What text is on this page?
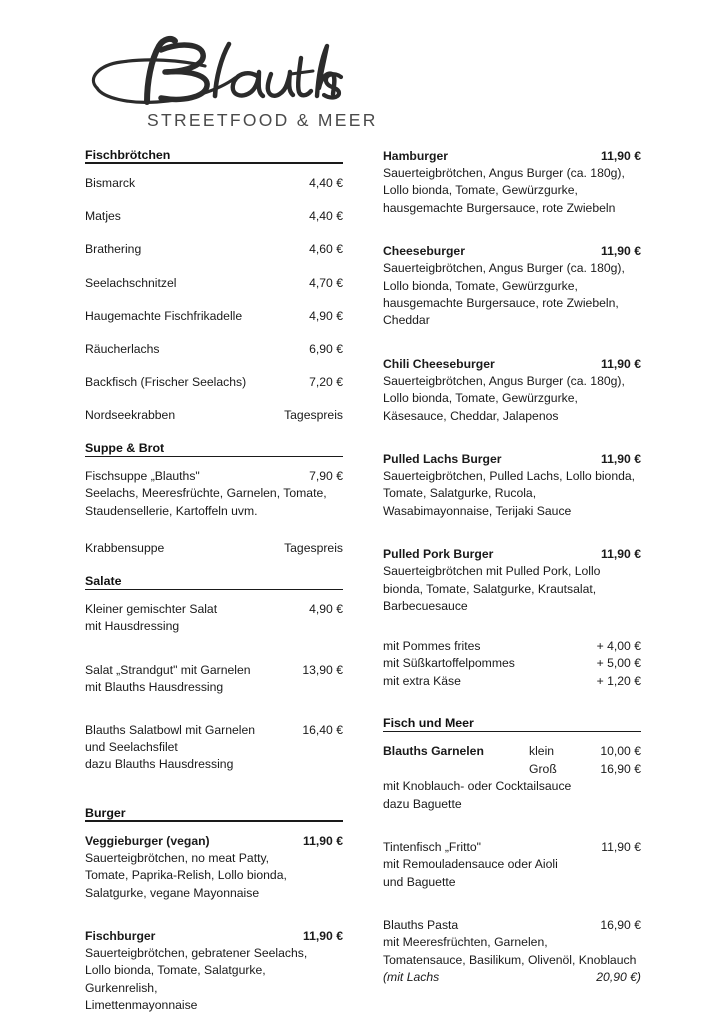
STREETFOOD & MEER
Fischbrötchen
Bismarck	4,40 €
Matjes	4,40 €
Brathering	4,60 €
Seelachschnitzel	4,70 €
Haugemachte Fischfrikadelle	4,90 €
Räucherlachs	6,90 €
Backfisch (Frischer Seelachs)	7,20 €
Nordseekrabben	Tagespreis
Suppe & Brot
Fischsuppe „Blauths"	7,90 €
Seelachs, Meeresfrüchte, Garnelen, Tomate,
Staudensellerie, Kartoffeln uvm.
Krabbensuppe	Tagespreis
Salate
Kleiner gemischter Salat	4,90 €
mit Hausdressing
Salat „Strandgut" mit Garnelen	13,90 €
mit Blauths Hausdressing
Blauths Salatbowl mit Garnelen	16,40 €
und Seelachsfilet
dazu Blauths Hausdressing
Burger
Veggieburger (vegan)	11,90 €
Sauerteigbrötchen, no meat Patty,
Tomate, Paprika-Relish, Lollo bionda,
Salatgurke, vegane Mayonnaise
Fischburger	11,90 €
Sauerteigbrötchen, gebratener Seelachs,
Lollo bionda, Tomate, Salatgurke,
Gurkenrelish,
Limettenmayonnaise
Hamburger	11,90 €
Sauerteigbrötchen, Angus Burger (ca. 180g),
Lollo bionda, Tomate, Gewürzgurke,
hausgemachte Burgersauce, rote Zwiebeln
Cheeseburger	11,90 €
Sauerteigbrötchen, Angus Burger (ca. 180g),
Lollo bionda, Tomate, Gewürzgurke,
hausgemachte Burgersauce, rote Zwiebeln,
Cheddar
Chili Cheeseburger	11,90 €
Sauerteigbrötchen, Angus Burger (ca. 180g),
Lollo bionda, Tomate, Gewürzgurke,
Käsesauce, Cheddar, Jalapenos
Pulled Lachs Burger	11,90 €
Sauerteigbrötchen, Pulled Lachs, Lollo bionda,
Tomate, Salatgurke, Rucola,
Wasabimayonnaise, Terijaki Sauce
Pulled Pork Burger	11,90 €
Sauerteigbrötchen mit Pulled Pork, Lollo
bionda, Tomate, Salatgurke, Krautsalat,
Barbecuesauce
mit Pommes frites	+ 4,00 €
mit Süßkartoffelpommes	+ 5,00 €
mit extra Käse	+ 1,20 €
Fisch und Meer
Blauths Garnelen	klein	10,00 €
Groß	16,90 €
mit Knoblauch- oder Cocktailsauce
dazu Baguette
Tintenfisch „Fritto"	11,90 €
mit Remouladensauce oder Aioli
und Baguette
Blauths Pasta	16,90 €
mit Meeresfrüchten, Garnelen,
Tomatensauce, Basilikum, Olivenöl, Knoblauch
(mit Lachs	20,90 €)
